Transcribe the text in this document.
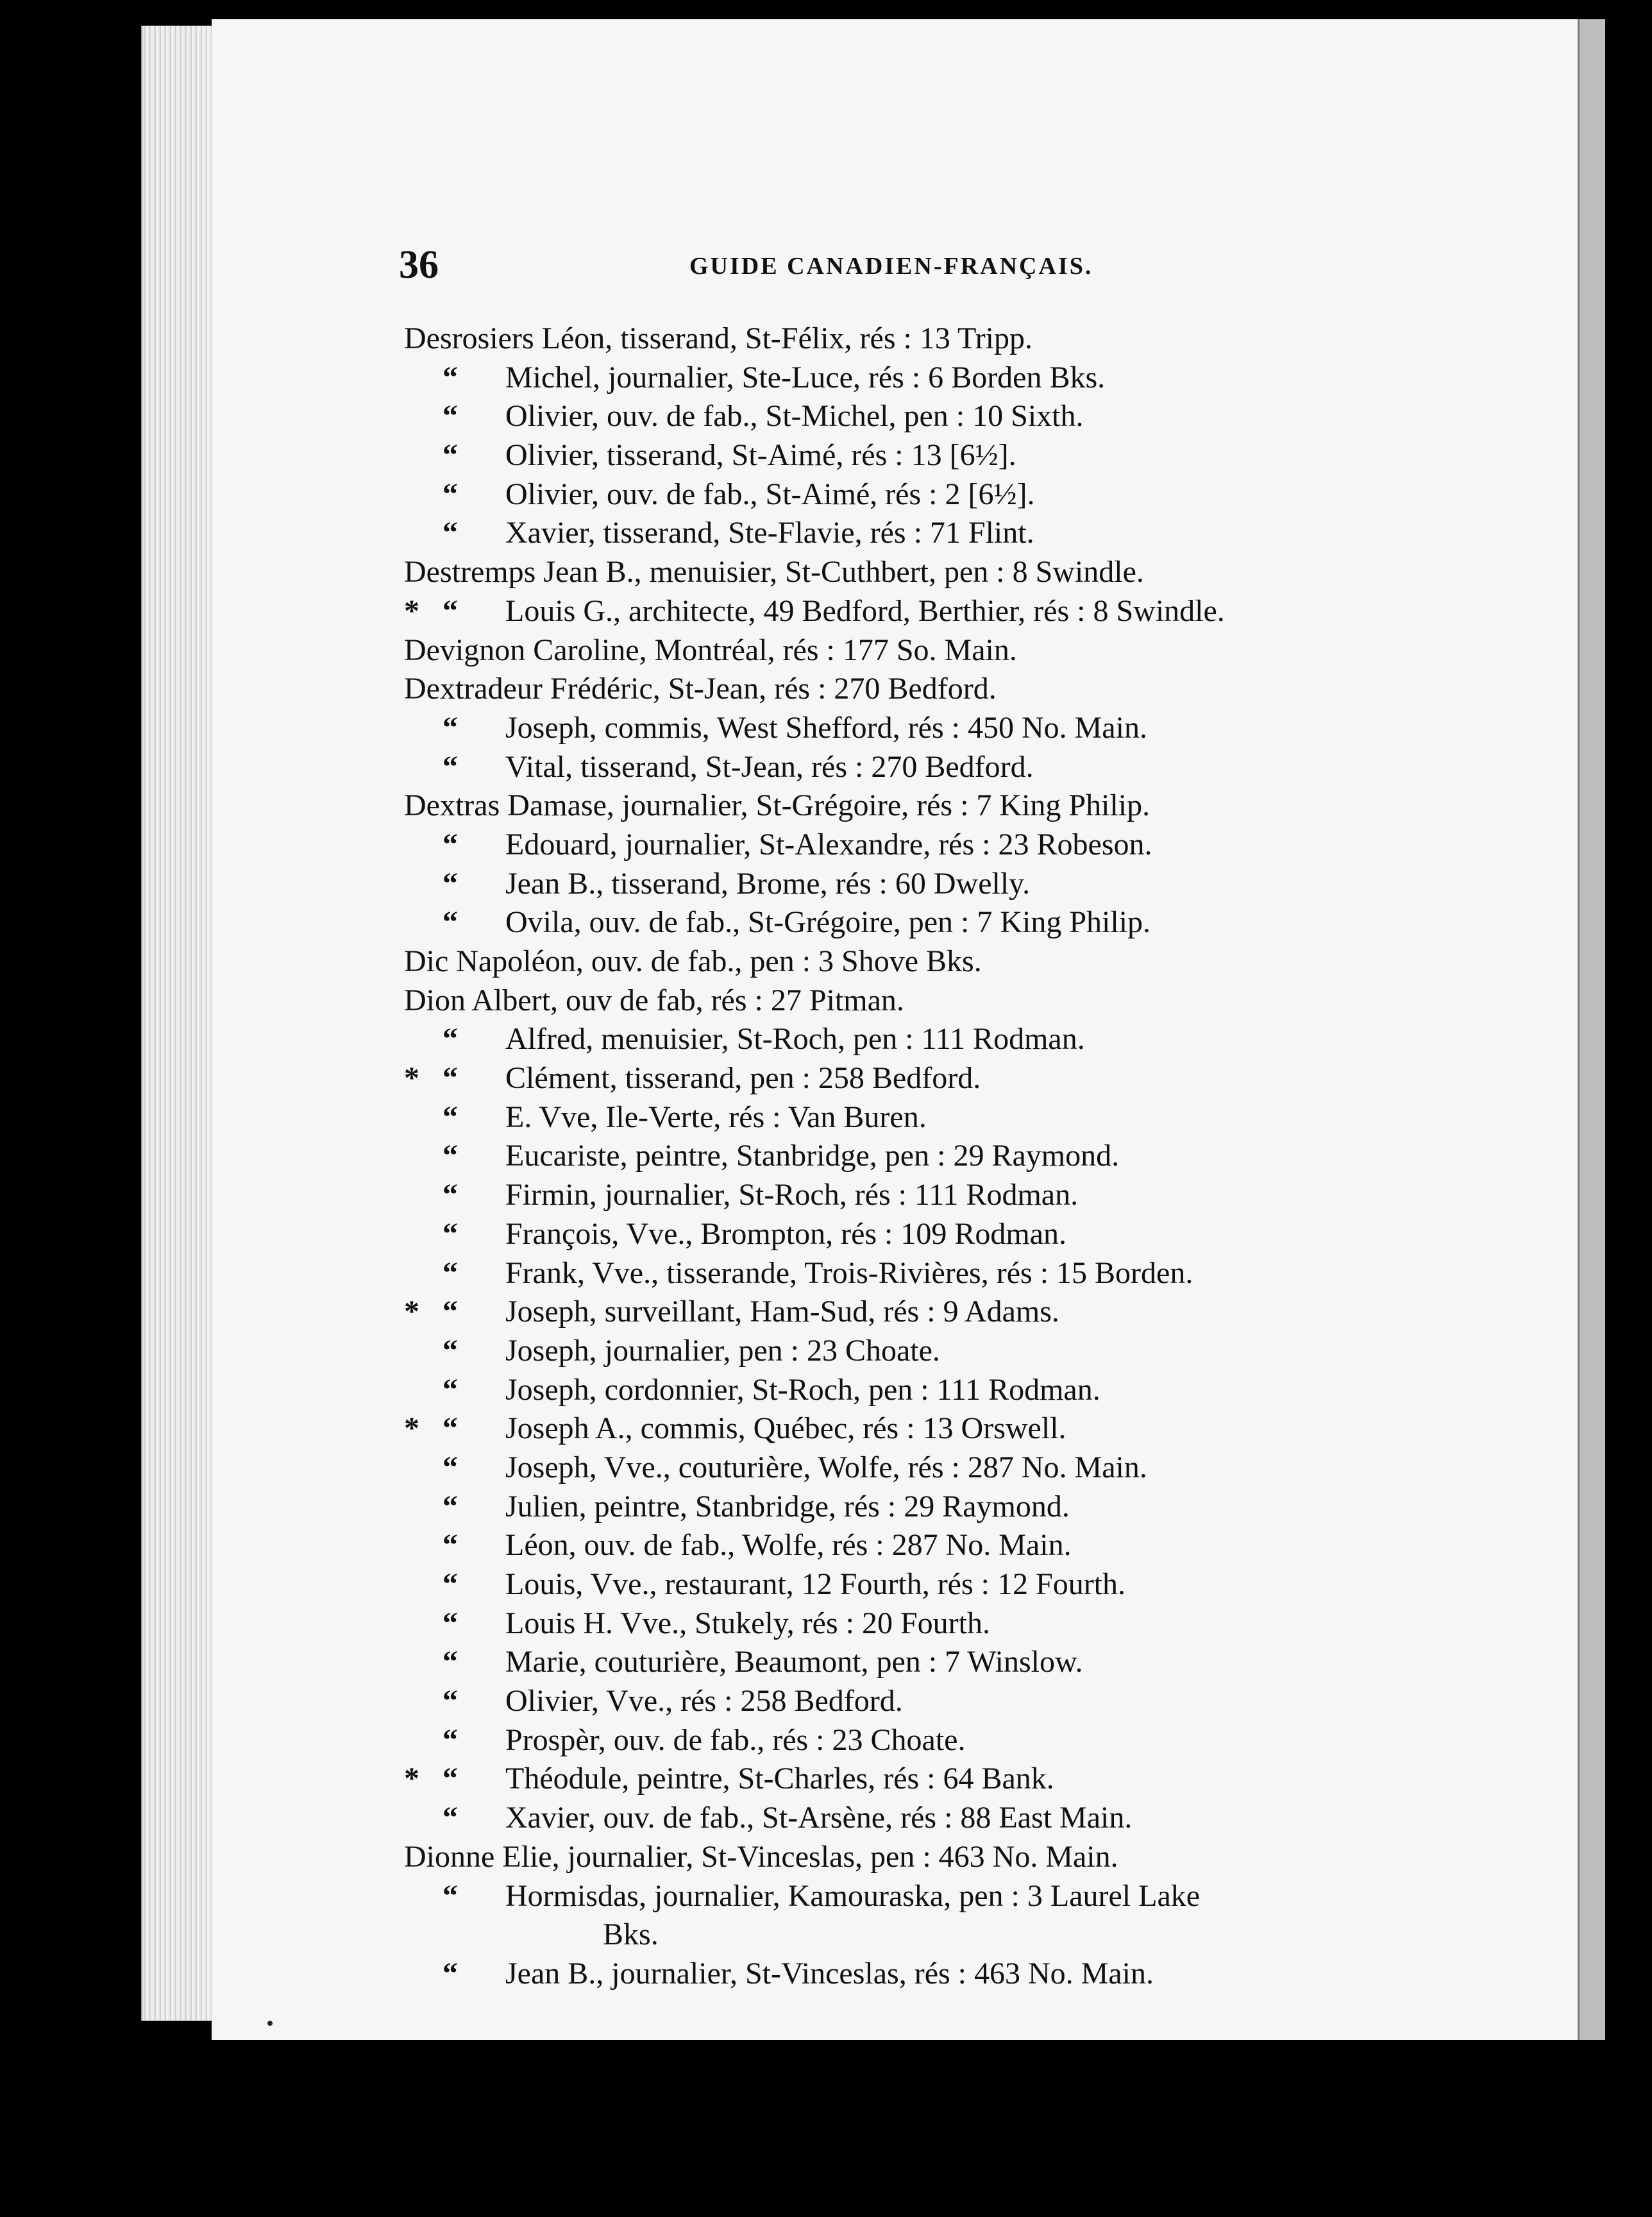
36	GUIDE CANADIEN-FRANÇAIS.
Desrosiers Léon, tisserand, St-Félix, rés : 13 Tripp.
“ Michel, journalier, Ste-Luce, rés : 6 Borden Bks.
“ Olivier, ouv. de fab., St-Michel, pen : 10 Sixth.
“ Olivier, tisserand, St-Aimé, rés : 13 [6½].
“ Olivier, ouv. de fab., St-Aimé, rés : 2 [6½].
“ Xavier, tisserand, Ste-Flavie, rés : 71 Flint.
Destremps Jean B., menuisier, St-Cuthbert, pen : 8 Swindle.
* “ Louis G., architecte, 49 Bedford, Berthier, rés : 8 Swindle.
Devignon Caroline, Montréal, rés : 177 So. Main.
Dextradeur Frédéric, St-Jean, rés : 270 Bedford.
“ Joseph, commis, West Shefford, rés : 450 No. Main.
“ Vital, tisserand, St-Jean, rés : 270 Bedford.
Dextras Damase, journalier, St-Grégoire, rés : 7 King Philip.
“ Edouard, journalier, St-Alexandre, rés : 23 Robeson.
“ Jean B., tisserand, Brome, rés : 60 Dwelly.
“ Ovila, ouv. de fab., St-Grégoire, pen : 7 King Philip.
Dic Napoléon, ouv. de fab., pen : 3 Shove Bks.
Dion Albert, ouv de fab, rés : 27 Pitman.
“ Alfred, menuisier, St-Roch, pen : 111 Rodman.
* “ Clément, tisserand, pen : 258 Bedford.
“ E. Vve, Ile-Verte, rés : Van Buren.
“ Eucariste, peintre, Stanbridge, pen : 29 Raymond.
“ Firmin, journalier, St-Roch, rés : 111 Rodman.
“ François, Vve., Brompton, rés : 109 Rodman.
“ Frank, Vve., tisserande, Trois-Rivières, rés : 15 Borden.
* “ Joseph, surveillant, Ham-Sud, rés : 9 Adams.
“ Joseph, journalier, pen : 23 Choate.
“ Joseph, cordonnier, St-Roch, pen : 111 Rodman.
* “ Joseph A., commis, Québec, rés : 13 Orswell.
“ Joseph, Vve., couturière, Wolfe, rés : 287 No. Main.
“ Julien, peintre, Stanbridge, rés : 29 Raymond.
“ Léon, ouv. de fab., Wolfe, rés : 287 No. Main.
“ Louis, Vve., restaurant, 12 Fourth, rés : 12 Fourth.
“ Louis H. Vve., Stukely, rés : 20 Fourth.
“ Marie, couturière, Beaumont, pen : 7 Winslow.
“ Olivier, Vve., rés : 258 Bedford.
“ Prospèr, ouv. de fab., rés : 23 Choate.
* “ Théodule, peintre, St-Charles, rés : 64 Bank.
“ Xavier, ouv. de fab., St-Arsène, rés : 88 East Main.
Dionne Elie, journalier, St-Vinceslas, pen : 463 No. Main.
“ Hormisdas, journalier, Kamouraska, pen : 3 Laurel Lake
Bks.
“ Jean B., journalier, St-Vinceslas, rés : 463 No. Main.
